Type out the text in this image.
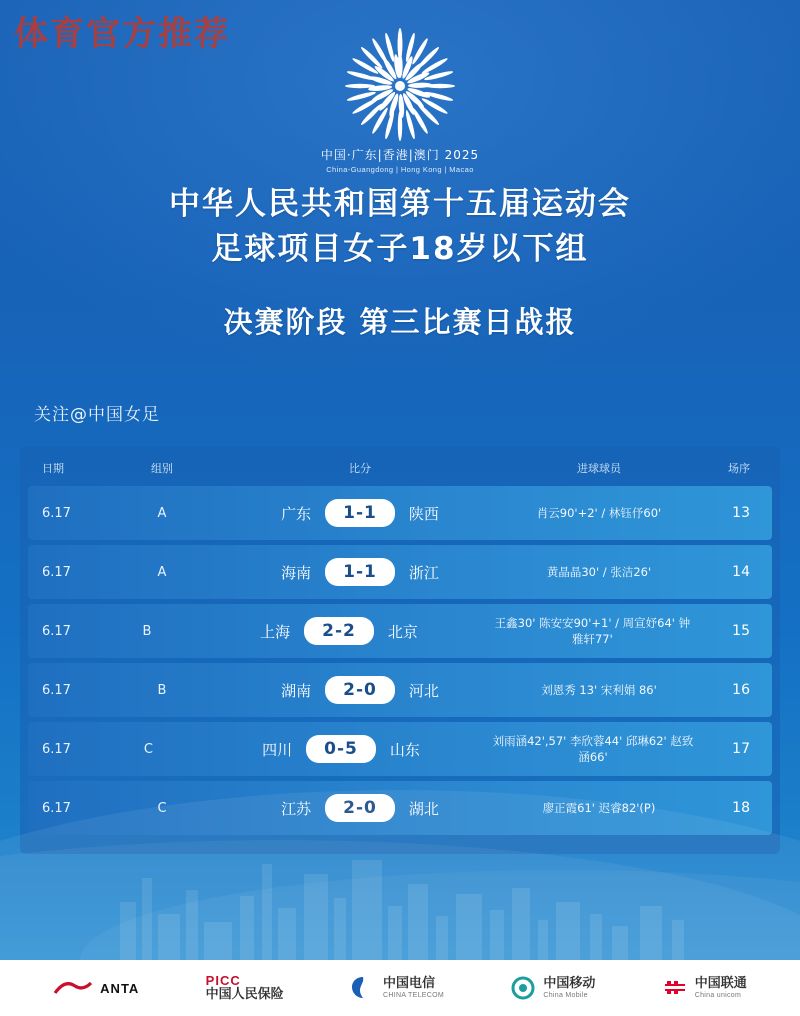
体育官方推荐
中国·广东|香港|澳门 2025
China-Guangdong | Hong Kong | Macao
中华人民共和国第十五届运动会
足球项目女子18岁以下组
决赛阶段 第三比赛日战报
关注@中国女足
日期	组别	比分	进球球员	场序
6.17	A	广东	1-1	陕西	肖云90'+2' / 林钰伃60'	13
6.17	A	海南	1-1	浙江	黄晶晶30' / 张洁26'	14
6.17	B	上海	2-2	北京	王鑫30' 陈安安90'+1' / 周宣妤64' 钟雅轩77'	15
6.17	B	湖南	2-0	河北	刘恩秀 13' 宋利娟 86'	16
6.17	C	四川	0-5	山东	刘雨涵42',57' 李欣蓉44' 邱琳62' 赵致涵66'	17
6.17	C	江苏	2-0	湖北	廖正霞61' 迟睿82'(P)	18
ANTA	PICC
中国人民保险
中国电信
CHINA TELECOM
中国移动
China Mobile
中国联通
China unicom
